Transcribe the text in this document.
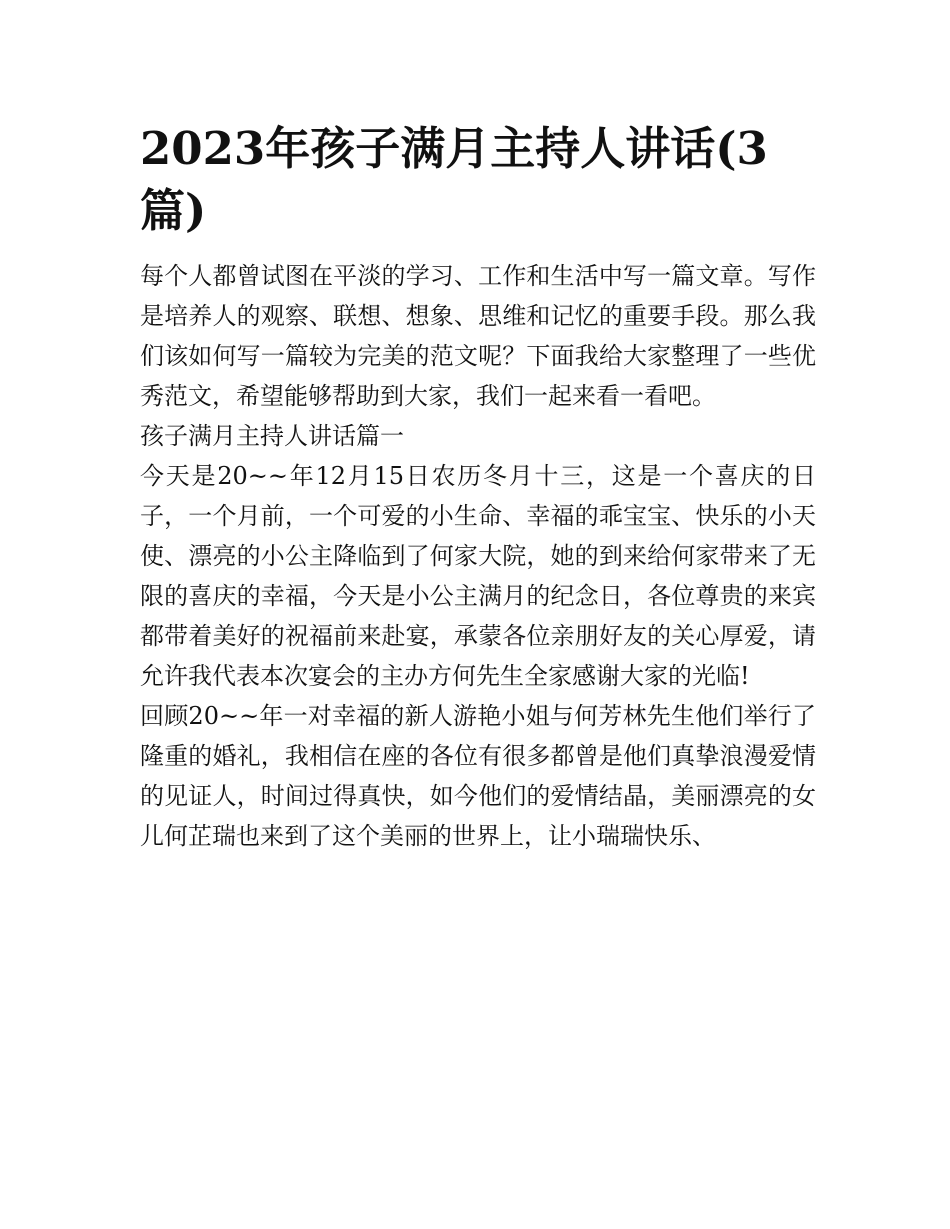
2023年孩子满月主持人讲话(3篇)

每个人都曾试图在平淡的学习、工作和生活中写一篇文章。写作是培养人的观察、联想、想象、思维和记忆的重要手段。那么我们该如何写一篇较为完美的范文呢？下面我给大家整理了一些优秀范文，希望能够帮助到大家，我们一起来看一看吧。

孩子满月主持人讲话篇一

今天是20~~年12月15日农历冬月十三，这是一个喜庆的日子，一个月前，一个可爱的小生命、幸福的乖宝宝、快乐的小天使、漂亮的小公主降临到了何家大院，她的到来给何家带来了无限的喜庆的幸福，今天是小公主满月的纪念日，各位尊贵的来宾都带着美好的祝福前来赴宴，承蒙各位亲朋好友的关心厚爱，请允许我代表本次宴会的主办方何先生全家感谢大家的光临!

回顾20~~年一对幸福的新人游艳小姐与何芳林先生他们举行了隆重的婚礼，我相信在座的各位有很多都曾是他们真挚浪漫爱情的见证人，时间过得真快，如今他们的爱情结晶，美丽漂亮的女儿何芷瑞也来到了这个美丽的世界上，让小瑞瑞快乐、
